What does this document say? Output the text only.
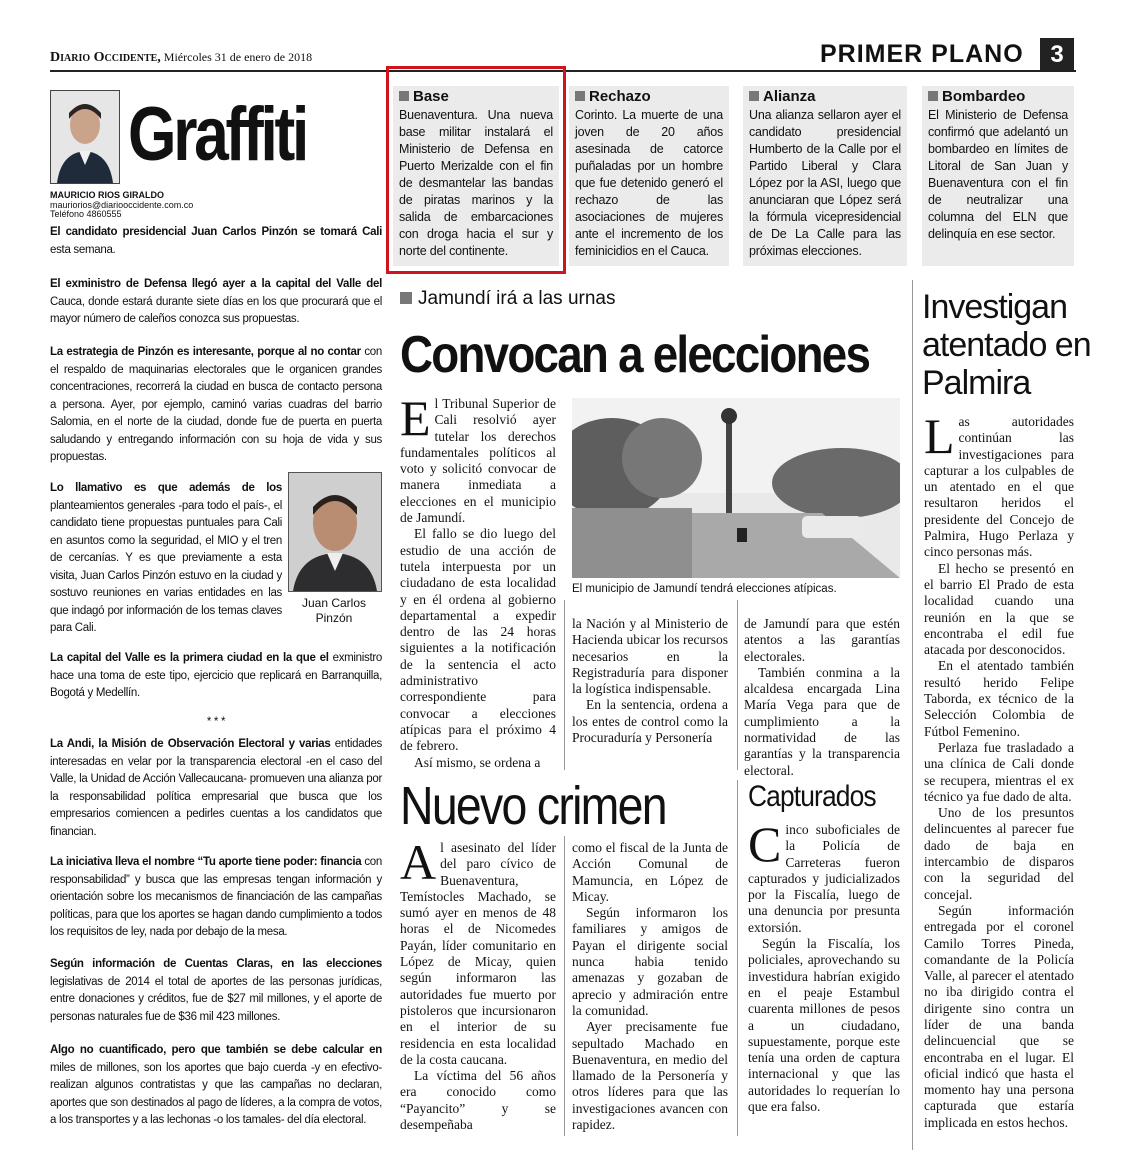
Diario Occidente, Miércoles 31 de enero de 2018	PRIMER PLANO	3
Graffiti
MAURICIO RIOS GIRALDO
mauriorios@diariooccidente.com.co
Teléfono 4860555
El candidato presidencial Juan Carlos Pinzón se tomará Cali esta semana.
El exministro de Defensa llegó ayer a la capital del Valle del Cauca, donde estará durante siete días en los que procurará que el mayor número de caleños conozca sus propuestas.
La estrategia de Pinzón es interesante, porque al no contar con el respaldo de maquinarias electorales que le organicen grandes concentraciones, recorrerá la ciudad en busca de contacto persona a persona. Ayer, por ejemplo, caminó varias cuadras del barrio Salomia, en el norte de la ciudad, donde fue de puerta en puerta saludando y entregando información con su hoja de vida y sus propuestas.
Lo llamativo es que además de los planteamientos generales -para todo el país-, el candidato tiene propuestas puntuales para Cali en asuntos como la seguridad, el MIO y el tren de cercanías. Y es que previamente a esta visita, Juan Carlos Pinzón estuvo en la ciudad y sostuvo reuniones en varias entidades en las que indagó por información de los temas claves para Cali.
Juan Carlos Pinzón
La capital del Valle es la primera ciudad en la que el exministro hace una toma de este tipo, ejercicio que replicará en Barranquilla, Bogotá y Medellín.
* * *
La Andi, la Misión de Observación Electoral y varias entidades interesadas en velar por la transparencia electoral -en el caso del Valle, la Unidad de Acción Vallecaucana- promueven una alianza por la responsabilidad política empresarial que busca que los empresarios comiencen a pedirles cuentas a los candidatos que financian.
La iniciativa lleva el nombre “Tu aporte tiene poder: financia con responsabilidad” y busca que las empresas tengan información y orientación sobre los mecanismos de financiación de las campañas políticas, para que los aportes se hagan dando cumplimiento a todos los requisitos de ley, nada por debajo de la mesa.
Según información de Cuentas Claras, en las elecciones legislativas de 2014 el total de aportes de las personas jurídicas, entre donaciones y créditos, fue de $27 mil millones, y el aporte de personas naturales fue de $36 mil 423 millones.
Algo no cuantificado, pero que también se debe calcular en miles de millones, son los aportes que bajo cuerda -y en efectivo- realizan algunos contratistas y que las campañas no declaran, aportes que son destinados al pago de líderes, a la compra de votos, a los transportes y a las lechonas -o los tamales- del día electoral.
Base
Buenaventura. Una nueva base militar instalará el Ministerio de Defensa en Puerto Merizalde con el fin de desmantelar las bandas de piratas marinos y la salida de embarcaciones con droga hacia el sur y norte del continente.
Rechazo
Corinto. La muerte de una joven de 20 años asesinada de catorce puñaladas por un hombre que fue detenido generó el rechazo de las asociaciones de mujeres ante el incremento de los feminicidios en el Cauca.
Alianza
Una alianza sellaron ayer el candidato presidencial Humberto de la Calle por el Partido Liberal y Clara López por la ASI, luego que anunciaran que López será la fórmula vicepresidencial de De La Calle para las próximas elecciones.
Bombardeo
El Ministerio de Defensa confirmó que adelantó un bombardeo en límites de Litoral de San Juan y Buenaventura con el fin de neutralizar una columna del ELN que delinquía en ese sector.
Jamundí irá a las urnas
Convocan a elecciones
El Tribunal Superior de Cali resolvió ayer tutelar los derechos fundamentales políticos al voto y solicitó convocar de manera inmediata a elecciones en el municipio de Jamundí.
El fallo se dio luego del estudio de una acción de tutela interpuesta por un ciudadano de esta localidad y en él ordena al gobierno departamental a expedir dentro de las 24 horas siguientes a la notificación de la sentencia el acto administrativo correspondiente para convocar a elecciones atípicas para el próximo 4 de febrero.
Así mismo, se ordena a
El municipio de Jamundí tendrá elecciones atípicas.
la Nación y al Ministerio de Hacienda ubicar los recursos necesarios en la Registraduría para disponer la logística indispensable.
En la sentencia, ordena a los entes de control como la Procuraduría y Personería
de Jamundí para que estén atentos a las garantías electorales.
También conmina a la alcaldesa encargada Lina María Vega para que de cumplimiento a la normatividad de las garantías y la transparencia electoral.
Nuevo crimen
Al asesinato del líder del paro cívico de Buenaventura, Temístocles Machado, se sumó ayer en menos de 48 horas el de Nicomedes Payán, líder comunitario en López de Micay, quien según informaron las autoridades fue muerto por pistoleros que incursionaron en el interior de su residencia en esta localidad de la costa caucana.
La víctima del 56 años era conocido como “Payancito” y se desempeñaba
como el fiscal de la Junta de Acción Comunal de Mamuncia, en López de Micay.
Según informaron los familiares y amigos de Payan el dirigente social nunca habia tenido amenazas y gozaban de aprecio y admiración entre la comunidad.
Ayer precisamente fue sepultado Machado en Buenaventura, en medio del llamado de la Personería y otros líderes para que las investigaciones avancen con rapidez.
Capturados
Cinco suboficiales de la Policía de Carreteras fueron capturados y judicializados por la Fiscalía, luego de una denuncia por presunta extorsión.
Según la Fiscalía, los policiales, aprovechando su investidura habrían exigido en el peaje Estambul cuarenta millones de pesos a un ciudadano, supuestamente, porque este tenía una orden de captura internacional y que las autoridades lo requerían lo que era falso.
Investigan atentado en Palmira
Las autoridades continúan las investigaciones para capturar a los culpables de un atentado en el que resultaron heridos el presidente del Concejo de Palmira, Hugo Perlaza y cinco personas más.
El hecho se presentó en el barrio El Prado de esta localidad cuando una reunión en la que se encontraba el edil fue atacada por desconocidos.
En el atentado también resultó herido Felipe Taborda, ex técnico de la Selección Colombia de Fútbol Femenino.
Perlaza fue trasladado a una clínica de Cali donde se recupera, mientras el ex técnico ya fue dado de alta.
Uno de los presuntos delincuentes al parecer fue dado de baja en intercambio de disparos con la seguridad del concejal.
Según información entregada por el coronel Camilo Torres Pineda, comandante de la Policía Valle, al parecer el atentado no iba dirigido contra el dirigente sino contra un líder de una banda delincuencial que se encontraba en el lugar. El oficial indicó que hasta el momento hay una persona capturada que estaría implicada en estos hechos.
